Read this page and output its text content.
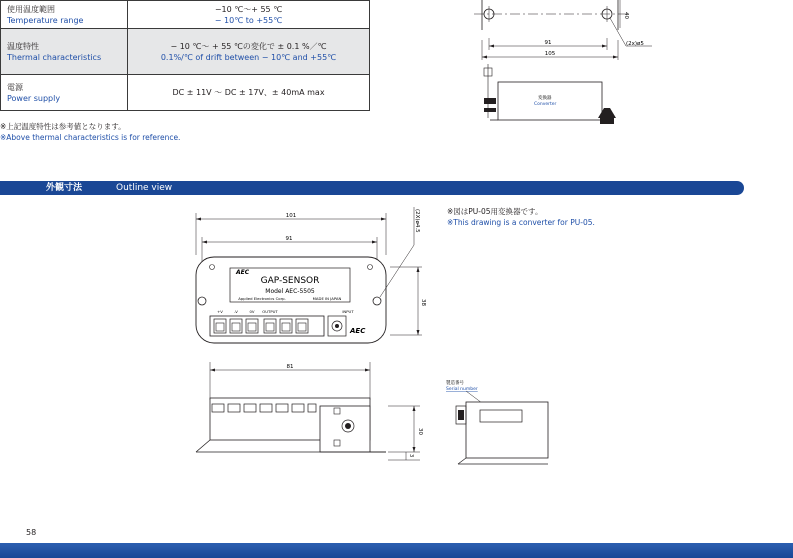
使用温度範囲
Temperature range	−10 ℃〜+ 55 ℃
− 10℃ to +55℃

温度特性
Thermal characteristics	− 10 ℃〜 + 55 ℃の変化で ± 0.1 %／℃
0.1%/℃ of drift between − 10℃ and +55℃

電源
Power supply	DC ± 11V 〜 DC ± 17V、± 40mA max
※上記温度特性は参考値となります。
※Above thermal characteristics is for reference.
40
91
105
(2x)ø5
変換器
Converter
外観寸法	Outline view
101
91
AEC
GAP-SENSOR
Model AEC-5505
Applied Electronics Corp.	MADE IN JAPAN
+V	-V	0V OUTPUT	INPUT
AEC
38
(2X)ø4.5
81
30
3
製造番号
Serial number
※図はPU-05用変換器です。
※This drawing is a converter for PU-05.
58
